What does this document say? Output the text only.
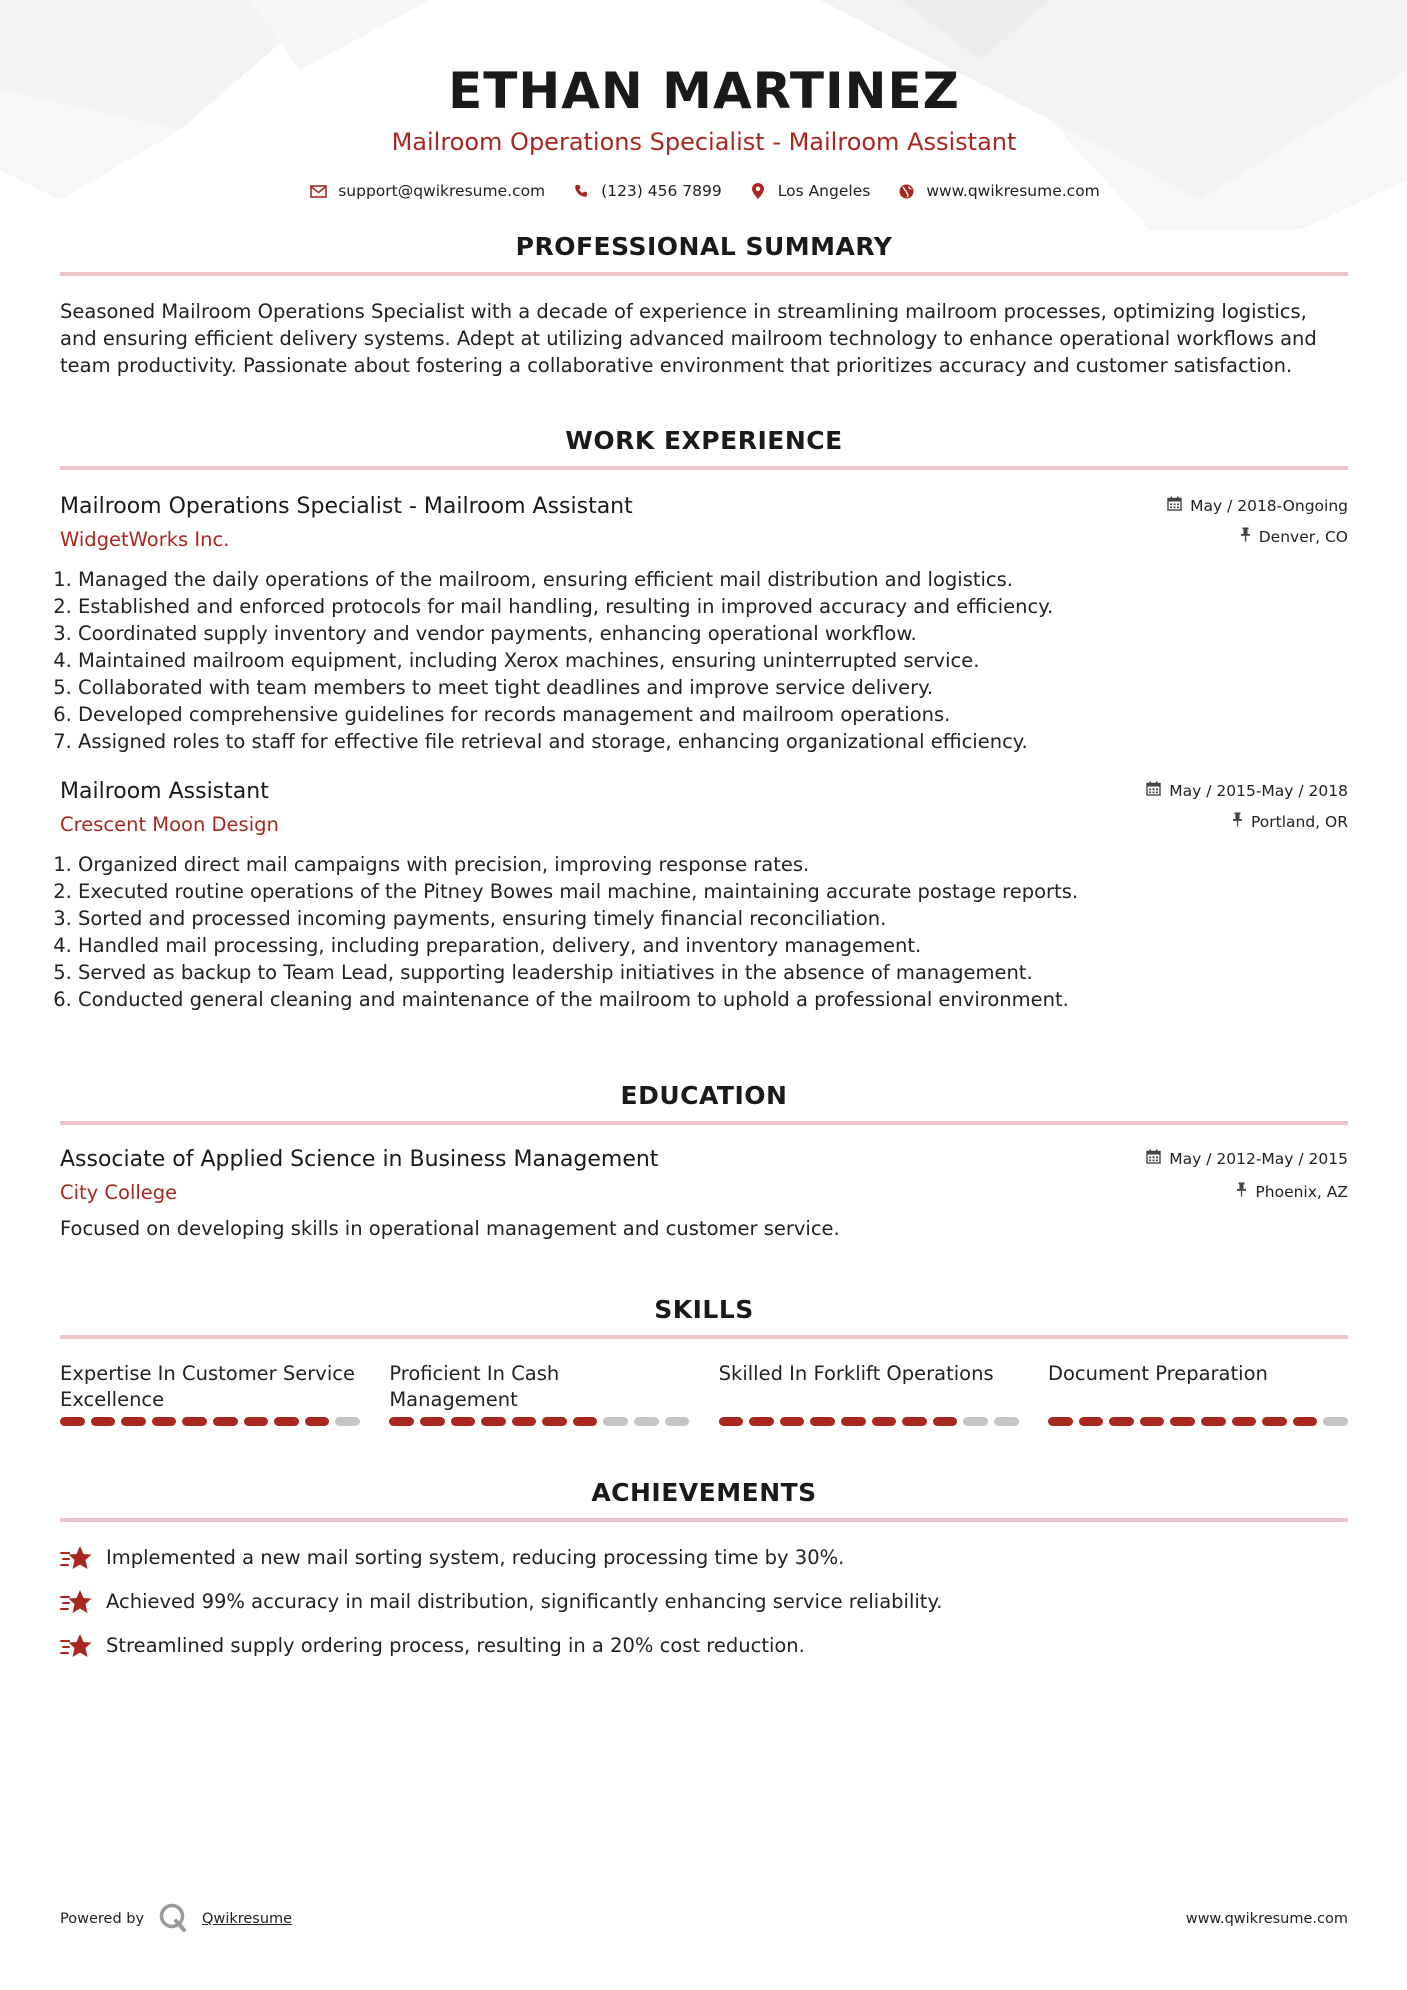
ETHAN MARTINEZ
Mailroom Operations Specialist - Mailroom Assistant
support@qwikresume.com	(123) 456 7899	Los Angeles	www.qwikresume.com
PROFESSIONAL SUMMARY
Seasoned Mailroom Operations Specialist with a decade of experience in streamlining mailroom processes, optimizing logistics, and ensuring efficient delivery systems. Adept at utilizing advanced mailroom technology to enhance operational workflows and team productivity. Passionate about fostering a collaborative environment that prioritizes accuracy and customer satisfaction.
WORK EXPERIENCE
Mailroom Operations Specialist - Mailroom Assistant
WidgetWorks Inc.
May / 2018-Ongoing
Denver, CO
1. Managed the daily operations of the mailroom, ensuring efficient mail distribution and logistics.
2. Established and enforced protocols for mail handling, resulting in improved accuracy and efficiency.
3. Coordinated supply inventory and vendor payments, enhancing operational workflow.
4. Maintained mailroom equipment, including Xerox machines, ensuring uninterrupted service.
5. Collaborated with team members to meet tight deadlines and improve service delivery.
6. Developed comprehensive guidelines for records management and mailroom operations.
7. Assigned roles to staff for effective file retrieval and storage, enhancing organizational efficiency.
Mailroom Assistant
Crescent Moon Design
May / 2015-May / 2018
Portland, OR
1. Organized direct mail campaigns with precision, improving response rates.
2. Executed routine operations of the Pitney Bowes mail machine, maintaining accurate postage reports.
3. Sorted and processed incoming payments, ensuring timely financial reconciliation.
4. Handled mail processing, including preparation, delivery, and inventory management.
5. Served as backup to Team Lead, supporting leadership initiatives in the absence of management.
6. Conducted general cleaning and maintenance of the mailroom to uphold a professional environment.
EDUCATION
Associate of Applied Science in Business Management
City College
May / 2012-May / 2015
Phoenix, AZ
Focused on developing skills in operational management and customer service.
SKILLS
Expertise In Customer Service Excellence
Proficient In Cash Management
Skilled In Forklift Operations	Document Preparation
ACHIEVEMENTS
Implemented a new mail sorting system, reducing processing time by 30%.
Achieved 99% accuracy in mail distribution, significantly enhancing service reliability.
Streamlined supply ordering process, resulting in a 20% cost reduction.
Powered by	Qwikresume	www.qwikresume.com
